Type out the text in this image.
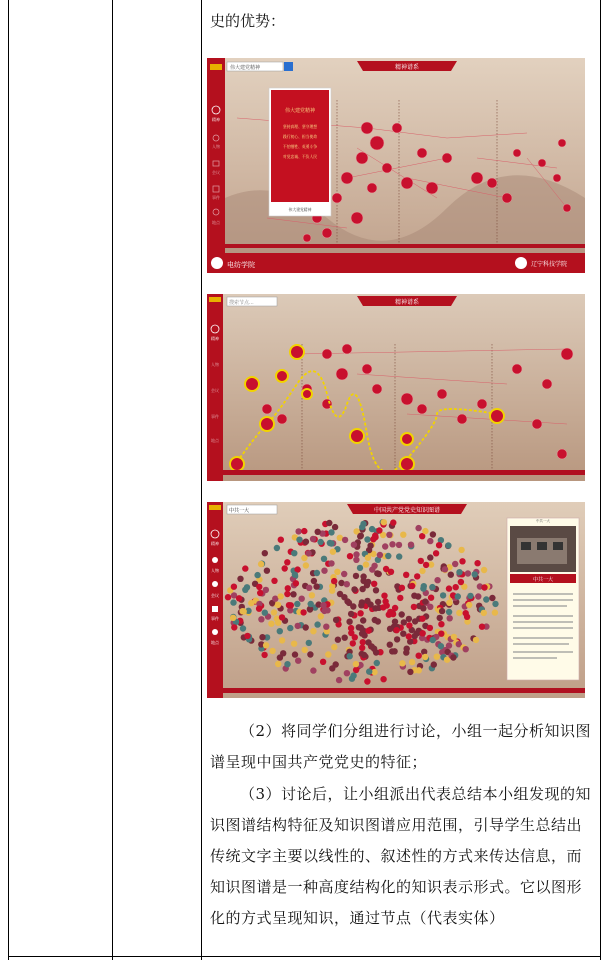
史的优势：
精神
人物
会议
事件
地点
伟大建党精神	精神谱系
伟大建党精神
坚持真理、坚守理想
践行初心、担当使命
不怕牺牲、英勇斗争
对党忠诚、不负人民
伟大建党精神
电纺学院	辽宁科技学院
精神
人物
会议
事件
地点
搜索节点...	精神谱系
精神
人物
会议
事件
地点
中共一大	中国共产党党史知识图谱
中共一大
中共一大

（2）将同学们分组进行讨论，小组一起分析知识图谱呈现中国共产党党史的特征；

（3）讨论后，让小组派出代表总结本小组发现的知识图谱结构特征及知识图谱应用范围，引导学生总结出传统文字主要以线性的、叙述性的方式来传达信息，而知识图谱是一种高度结构化的知识表示形式。它以图形化的方式呈现知识，通过节点（代表实体）
